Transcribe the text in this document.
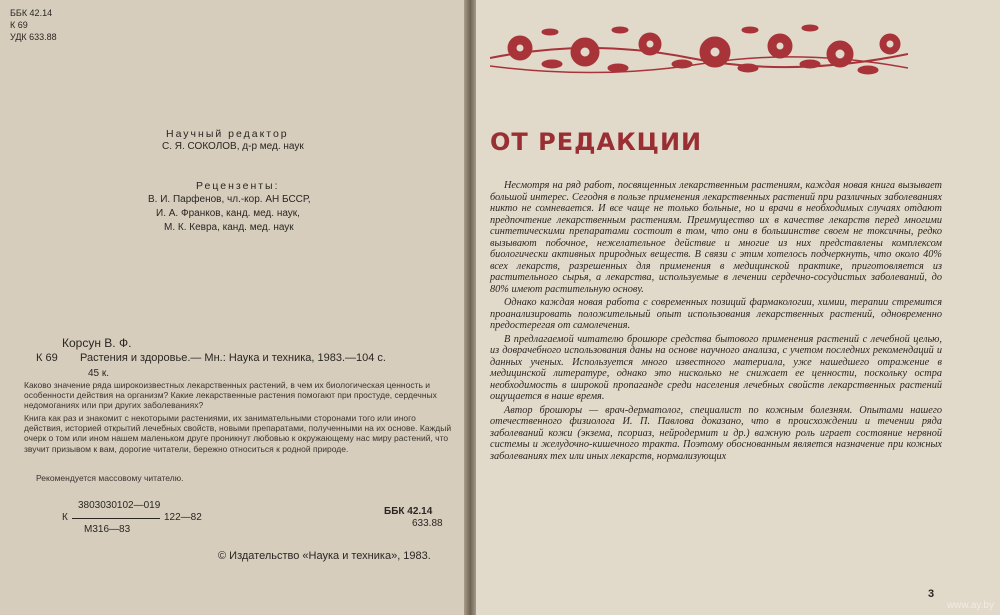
ББК 42.14
К 69
УДК 633.88
Научный редактор
С. Я. СОКОЛОВ, д-р мед. наук
Рецензенты:
В. И. Парфенов, чл.-кор. АН БССР,
И. А. Франков, канд. мед. наук,
М. К. Кевра, канд. мед. наук
Корсун В. Ф.
К 69 Растения и здоровье.— Мн.: Наука и техника, 1983.—104 с.
45 к.
Каково значение ряда широкоизвестных лекарственных растений, в чем их биологическая ценность и особенности действия на организм? Какие лекарственные растения помогают при простуде, сердечных недомоганиях или при других заболеваниях?
Книга как раз и знакомит с некоторыми растениями, их занимательными сторонами того или иного действия, историей открытий лечебных свойств, новыми препаратами, полученными на их основе. Каждый очерк о том или ином нашем маленьком друге проникнут любовью к окружающему нас миру растений, что звучит призывом к вам, дорогие читатели, бережно относиться к родной природе.
Рекомендуется массовому читателю.
3803030102—019
К	122—82
М316—83
ББК 42.14
633.88
© Издательство «Наука и техника», 1983.
ОТ РЕДАКЦИИ

Несмотря на ряд работ, посвященных лекарственным растениям, каждая новая книга вызывает большой интерес. Сегодня в пользе применения лекарственных растений при различных заболеваниях никто не сомневается. И все чаще не только больные, но и врачи в необходимых случаях отдают предпочтение лекарственным растениям. Преимущество их в качестве лекарств перед многими синтетическими препаратами состоит в том, что они в большинстве своем не токсичны, редко вызывают побочное, нежелательное действие и многие из них представлены комплексом биологически активных природных веществ. В связи с этим хотелось подчеркнуть, что около 40% всех лекарств, разрешенных для применения в медицинской практике, приготовляется из растительного сырья, а лекарства, используемые в лечении сердечно-сосудистых заболеваний, до 80% имеют растительную основу.

Однако каждая новая работа с современных позиций фармакологии, химии, терапии стремится проанализировать положительный опыт использования лекарственных растений, одновременно предостерегая от самолечения.

В предлагаемой читателю брошюре средства бытового применения растений с лечебной целью, из доврачебного использования даны на основе научного анализа, с учетом последних рекомендаций и данных ученых. Используется много известного материала, уже нашедшего отражение в медицинской литературе, однако это нисколько не снижает ее ценности, поскольку остра необходимость в широкой пропаганде среди населения лечебных свойств лекарственных растений ощущается в наше время.

Автор брошюры — врач-дерматолог, специалист по кожным болезням. Опытами нашего отечественного физиолога И. П. Павлова доказано, что в происхождении и течении ряда заболеваний кожи (экзема, псориаз, нейродермит и др.) важную роль играет состояние нервной системы и желудочно-кишечного тракта. Поэтому обоснованным является назначение при кожных заболеваниях тех или иных лекарств, нормализующих

3
www.ay.by
